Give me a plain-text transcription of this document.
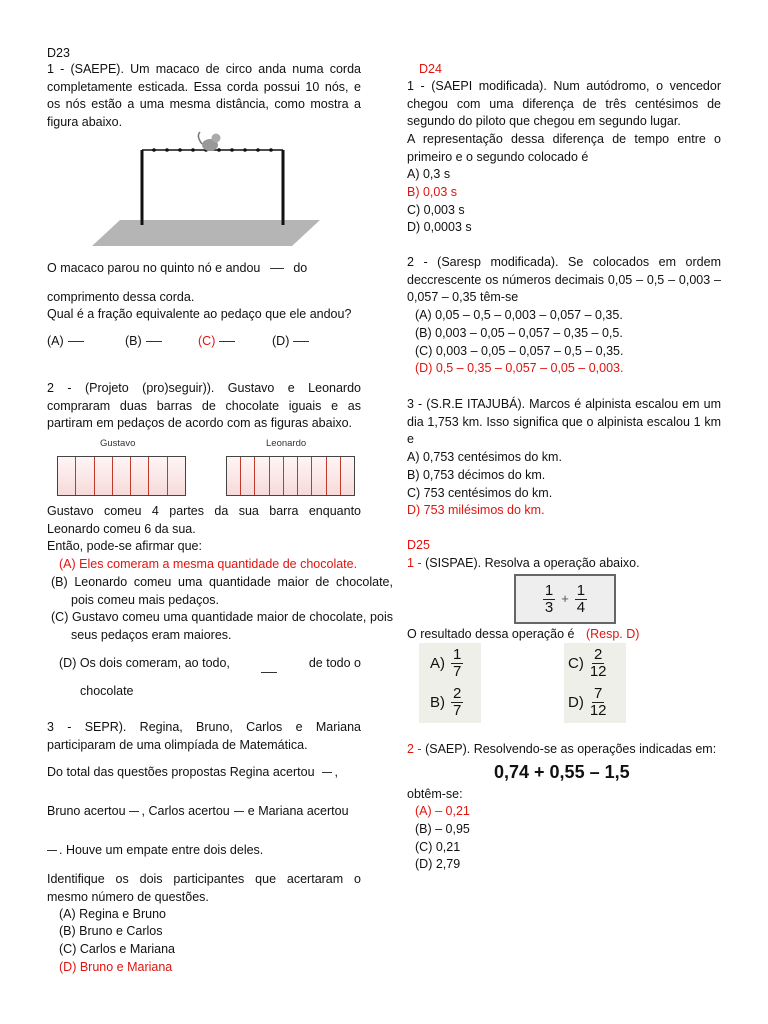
D23
1 - (SAEPE). Um macaco de circo anda numa corda completamente esticada. Essa corda possui 10 nós, e os nós estão a uma mesma distância, como mostra a figura abaixo.
O macaco parou no quinto nó e andou	do
comprimento dessa corda.
Qual é a fração equivalente ao pedaço que ele andou?
(A)	(B)	(C)	(D)
2 - (Projeto (pro)seguir)). Gustavo e Leonardo compraram duas barras de chocolate iguais e as partiram em pedaços de acordo com as figuras abaixo.
Gustavo	Leonardo
Gustavo comeu 4 partes da sua barra enquanto Leonardo comeu 6 da sua.
Então, pode-se afirmar que:
(A) Eles comeram a mesma quantidade de chocolate.
(B) Leonardo comeu uma quantidade maior de chocolate, pois comeu mais pedaços.
(C) Gustavo comeu uma quantidade maior de chocolate, pois seus pedaços eram maiores.
(D) Os dois comeram, ao todo,	de todo o
chocolate
3 - SEPR). Regina, Bruno, Carlos e Mariana participaram de uma olimpíada de Matemática.
Do total das questões propostas Regina acertou ,
Bruno acertou , Carlos acertou e Mariana acertou
. Houve um empate entre dois deles.
Identifique os dois participantes que acertaram o mesmo número de questões.
(A) Regina e Bruno
(B) Bruno e Carlos
(C) Carlos e Mariana
(D) Bruno e Mariana
D24
1 - (SAEPI modificada). Num autódromo, o vencedor chegou com uma diferença de três centésimos de segundo do piloto que chegou em segundo lugar.
A representação dessa diferença de tempo entre o primeiro e o segundo colocado é
A) 0,3 s
B) 0,03 s
C) 0,003 s
D) 0,0003 s
2 - (Saresp modificada). Se colocados em ordem deccrescente os números decimais 0,05 – 0,5 – 0,003 – 0,057 – 0,35 têm-se
(A) 0,05 – 0,5 – 0,003 – 0,057 – 0,35.
(B) 0,003 – 0,05 – 0,057 – 0,35 – 0,5.
(C) 0,003 – 0,05 – 0,057 – 0,5 – 0,35.
(D) 0,5 – 0,35 – 0,057 – 0,05 – 0,003.
3 - (S.R.E ITAJUBÁ). Marcos é alpinista escalou em um dia 1,753 km. Isso significa que o alpinista escalou 1 km e
A) 0,753 centésimos do km.
B) 0,753 décimos do km.
C) 753 centésimos do km.
D) 753 milésimos do km.
D25
1 - (SISPAE). Resolva a operação abaixo.
$\frac{1}{3} + \frac{1}{4}$
O resultado dessa operação é (Resp. D)
$A) \frac{1}{7}$
$B) \frac{2}{7}$
$C) \frac{2}{12}$
$D) \frac{7}{12}$
2 - (SAEP). Resolvendo-se as operações indicadas em:
0,74 + 0,55 – 1,5
obtêm-se:
(A) – 0,21
(B) – 0,95
(C) 0,21
(D) 2,79
